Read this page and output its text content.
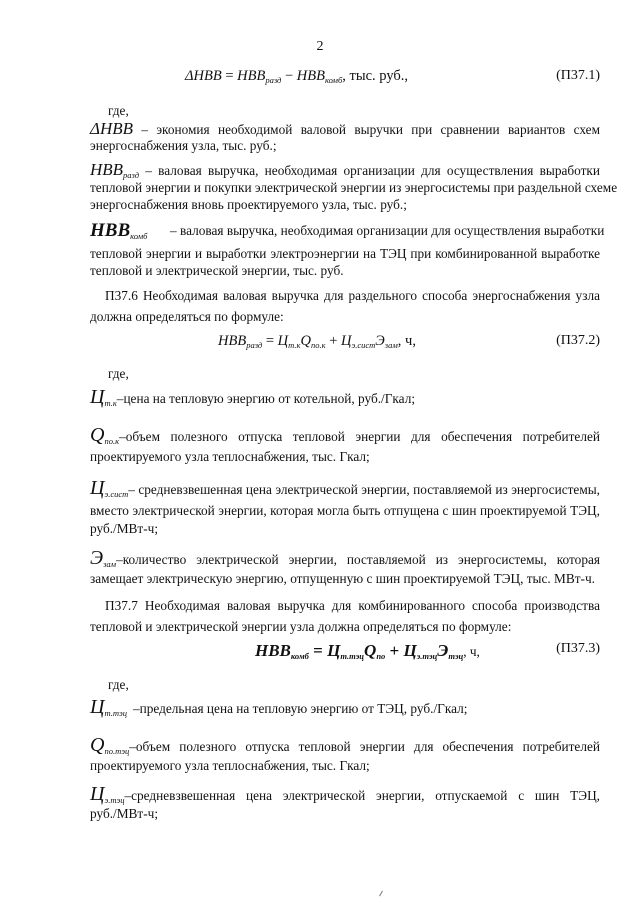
2
$\Delta НВВ = НВВ_{разд} - НВВ_{комб}$, тыс. руб.,	(П37.1)
где,
ΔНВВ – экономия необходимой валовой выручки при сравнении вариантов схем
энергоснабжения узла, тыс. руб.;
$НВВ_{разд}$ – валовая выручка, необходимая организации для осуществления выработки
тепловой энергии и покупки электрической энергии из энергосистемы при раздельной схеме
энергоснабжения вновь проектируемого узла, тыс. руб.;
$НВВ_{комб}$ – валовая выручка, необходимая организации для осуществления выработки
тепловой энергии и выработки электроэнергии на ТЭЦ при комбинированной выработке
тепловой и электрической энергии, тыс. руб.
П37.6 Необходимая валовая выручка для раздельного способа энергоснабжения узла
должна определяться по формуле:
$НВВ_{разд} = Ц_{т.к}Q_{по.к} + Ц_{э.сист}Э_{зам}$, ч,	(П37.2)
где,
$Ц_{т.к}$–цена на тепловую энергию от котельной, руб./Гкал;
$Q_{по.к}$–объем полезного отпуска тепловой энергии для обеспечения потребителей
проектируемого узла теплоснабжения, тыс. Гкал;
$Ц_{э.сист}-$ средневзвешенная цена электрической энергии, поставляемой из энергосистемы,
вместо электрической энергии, которая могла быть отпущена с шин проектируемой ТЭЦ,
руб./МВт-ч;
$Э_{зам}$–количество электрической энергии, поставляемой из энергосистемы, которая
замещает электрическую энергию, отпущенную с шин проектируемой ТЭЦ, тыс. МВт-ч.
П37.7 Необходимая валовая выручка для комбинированного способа производства
тепловой и электрической энергии узла должна определяться по формуле:
$НВВ_{комб} = Ц_{т.тэц}Q_{по} + Ц_{э.тэц}Э_{тэц}$, ч,	(П37.3)
где,
$Ц_{т.тэц}$ –предельная цена на тепловую энергию от ТЭЦ, руб./Гкал;
$Q_{по.тэц}$–объем полезного отпуска тепловой энергии для обеспечения потребителей
проектируемого узла теплоснабжения, тыс. Гкал;
$Ц_{э.тэц}$–средневзвешенная цена электрической энергии, отпускаемой с шин ТЭЦ,
руб./МВт-ч;
